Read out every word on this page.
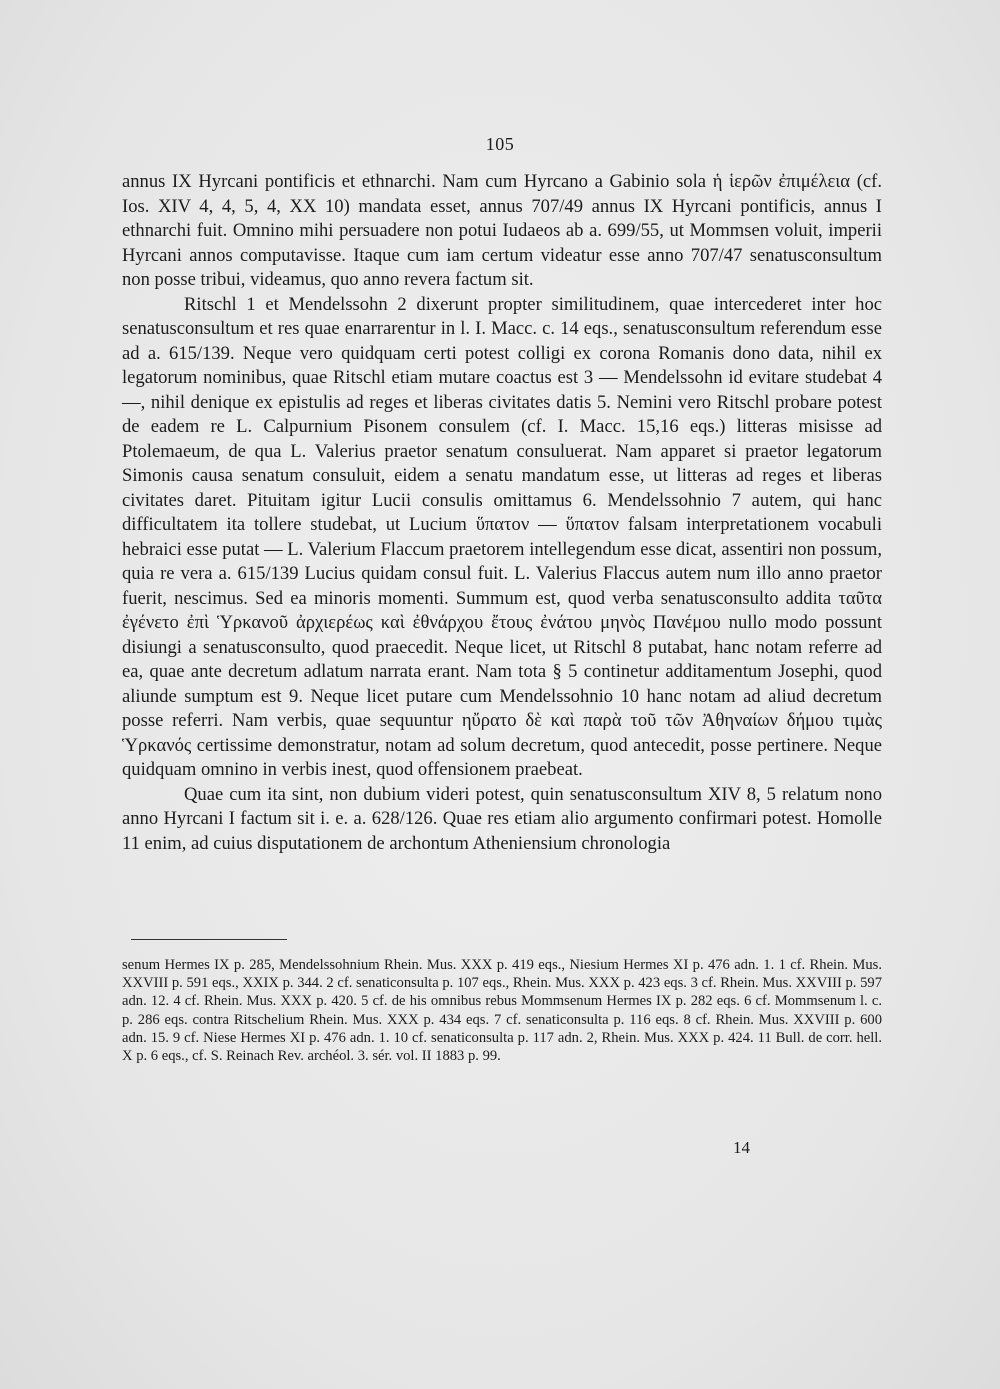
105

annus IX Hyrcani pontificis et ethnarchi. Nam cum Hyrcano a Gabinio sola ἡ ἱερῶν ἐπιμέλεια (cf. Ios. XIV 4, 4, 5, 4, XX 10) mandata esset, annus 707/49 annus IX Hyrcani pontificis, annus I ethnarchi fuit. Omnino mihi persuadere non potui Iudaeos ab a. 699/55, ut Mommsen voluit, imperii Hyrcani annos computavisse. Itaque cum iam certum videatur esse anno 707/47 senatusconsultum non posse tribui, videamus, quo anno revera factum sit.

Ritschl 1 et Mendelssohn 2 dixerunt propter similitudinem, quae intercederet inter hoc senatusconsultum et res quae enarrarentur in l. I. Macc. c. 14 eqs., senatusconsultum referendum esse ad a. 615/139. Neque vero quidquam certi potest colligi ex corona Romanis dono data, nihil ex legatorum nominibus, quae Ritschl etiam mutare coactus est 3 — Mendelssohn id evitare studebat 4 —, nihil denique ex epistulis ad reges et liberas civitates datis 5. Nemini vero Ritschl probare potest de eadem re L. Calpurnium Pisonem consulem (cf. I. Macc. 15,16 eqs.) litteras misisse ad Ptolemaeum, de qua L. Valerius praetor senatum consuluerat. Nam apparet si praetor legatorum Simonis causa senatum consuluit, eidem a senatu mandatum esse, ut litteras ad reges et liberas civitates daret. Pituitam igitur Lucii consulis omittamus 6. Mendelssohnio 7 autem, qui hanc difficultatem ita tollere studebat, ut Lucium ὕπατον — ὕπατον falsam interpretationem vocabuli hebraici esse putat — L. Valerium Flaccum praetorem intellegendum esse dicat, assentiri non possum, quia re vera a. 615/139 Lucius quidam consul fuit. L. Valerius Flaccus autem num illo anno praetor fuerit, nescimus. Sed ea minoris momenti. Summum est, quod verba senatusconsulto addita ταῦτα ἐγένετο ἐπὶ Ὑρκανοῦ ἀρχιερέως καὶ ἐθνάρχου ἔτους ἐνάτου μηνὸς Πανέμου nullo modo possunt disiungi a senatusconsulto, quod praecedit. Neque licet, ut Ritschl 8 putabat, hanc notam referre ad ea, quae ante decretum adlatum narrata erant. Nam tota § 5 continetur additamentum Josephi, quod aliunde sumptum est 9. Neque licet putare cum Mendelssohnio 10 hanc notam ad aliud decretum posse referri. Nam verbis, quae sequuntur ηὔρατο δὲ καὶ παρὰ τοῦ τῶν Ἀθηναίων δήμου τιμὰς Ὑρκανός certissime demonstratur, notam ad solum decretum, quod antecedit, posse pertinere. Neque quidquam omnino in verbis inest, quod offensionem praebeat.

Quae cum ita sint, non dubium videri potest, quin senatusconsultum XIV 8, 5 relatum nono anno Hyrcani I factum sit i. e. a. 628/126. Quae res etiam alio argumento confirmari potest. Homolle 11 enim, ad cuius disputationem de archontum Atheniensium chronologia

senum Hermes IX p. 285, Mendelssohnium Rhein. Mus. XXX p. 419 eqs., Niesium Hermes XI p. 476 adn. 1. 1 cf. Rhein. Mus. XXVIII p. 591 eqs., XXIX p. 344. 2 cf. senaticonsulta p. 107 eqs., Rhein. Mus. XXX p. 423 eqs. 3 cf. Rhein. Mus. XXVIII p. 597 adn. 12. 4 cf. Rhein. Mus. XXX p. 420. 5 cf. de his omnibus rebus Mommsenum Hermes IX p. 282 eqs. 6 cf. Mommsenum l. c. p. 286 eqs. contra Ritschelium Rhein. Mus. XXX p. 434 eqs. 7 cf. senaticonsulta p. 116 eqs. 8 cf. Rhein. Mus. XXVIII p. 600 adn. 15. 9 cf. Niese Hermes XI p. 476 adn. 1. 10 cf. senaticonsulta p. 117 adn. 2, Rhein. Mus. XXX p. 424. 11 Bull. de corr. hell. X p. 6 eqs., cf. S. Reinach Rev. archéol. 3. sér. vol. II 1883 p. 99.
14
